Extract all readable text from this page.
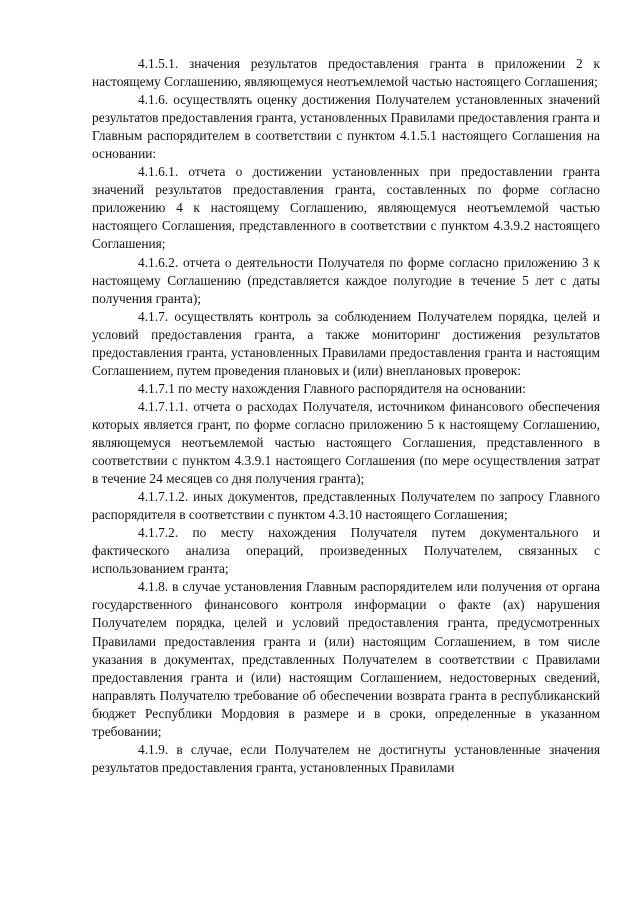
4.1.5.1. значения результатов предоставления гранта в приложении 2 к настоящему Соглашению, являющемуся неотъемлемой частью настоящего Соглашения;

4.1.6. осуществлять оценку достижения Получателем установленных значений результатов предоставления гранта, установленных Правилами предоставления гранта и Главным распорядителем в соответствии с пунктом 4.1.5.1 настоящего Соглашения на основании:

4.1.6.1. отчета о достижении установленных при предоставлении гранта значений результатов предоставления гранта, составленных по форме согласно приложению 4 к настоящему Соглашению, являющемуся неотъемлемой частью настоящего Соглашения, представленного в соответствии с пунктом 4.3.9.2 настоящего Соглашения;

4.1.6.2. отчета о деятельности Получателя по форме согласно приложению 3 к настоящему Соглашению (представляется каждое полугодие в течение 5 лет с даты получения гранта);

4.1.7. осуществлять контроль за соблюдением Получателем порядка, целей и условий предоставления гранта, а также мониторинг достижения результатов предоставления гранта, установленных Правилами предоставления гранта и настоящим Соглашением, путем проведения плановых и (или) внеплановых проверок:

4.1.7.1 по месту нахождения Главного распорядителя на основании:

4.1.7.1.1. отчета о расходах Получателя, источником финансового обеспечения которых является грант, по форме согласно приложению 5 к настоящему Соглашению, являющемуся неотъемлемой частью настоящего Соглашения, представленного в соответствии с пунктом 4.3.9.1 настоящего Соглашения (по мере осуществления затрат в течение 24 месяцев со дня получения гранта);

4.1.7.1.2. иных документов, представленных Получателем по запросу Главного распорядителя в соответствии с пунктом 4.3.10 настоящего Соглашения;

4.1.7.2. по месту нахождения Получателя путем документального и фактического анализа операций, произведенных Получателем, связанных с использованием гранта;

4.1.8. в случае установления Главным распорядителем или получения от органа государственного финансового контроля информации о факте (ах) нарушения Получателем порядка, целей и условий предоставления гранта, предусмотренных Правилами предоставления гранта и (или) настоящим Соглашением, в том числе указания в документах, представленных Получателем в соответствии с Правилами предоставления гранта и (или) настоящим Соглашением, недостоверных сведений, направлять Получателю требование об обеспечении возврата гранта в республиканский бюджет Республики Мордовия в размере и в сроки, определенные в указанном требовании;

4.1.9. в случае, если Получателем не достигнуты установленные значения результатов предоставления гранта, установленных Правилами
